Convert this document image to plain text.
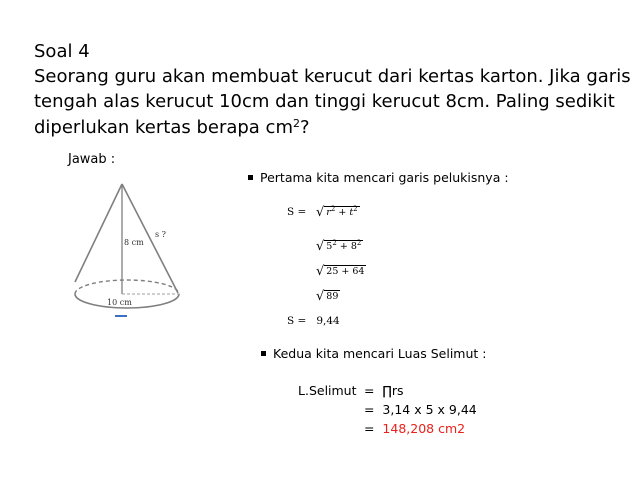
Soal 4
Seorang guru akan membuat kerucut dari kertas karton. Jika garis
tengah alas kerucut 10cm dan tinggi kerucut 8cm. Paling sedikit
diperlukan kertas berapa $cm^2$?
Jawab :
8 cm
s ?
10 cm
Pertama kita mencari garis pelukisnya :
S = √ $r^2 + t^2$
√ $5^2 + 8^2$
√ 25 + 64
√ 89
S =   9,44
Kedua kita mencari Luas Selimut :
L.Selimut =  ∏rs
=  3,14 x 5 x 9,44
=  148,208 cm2
